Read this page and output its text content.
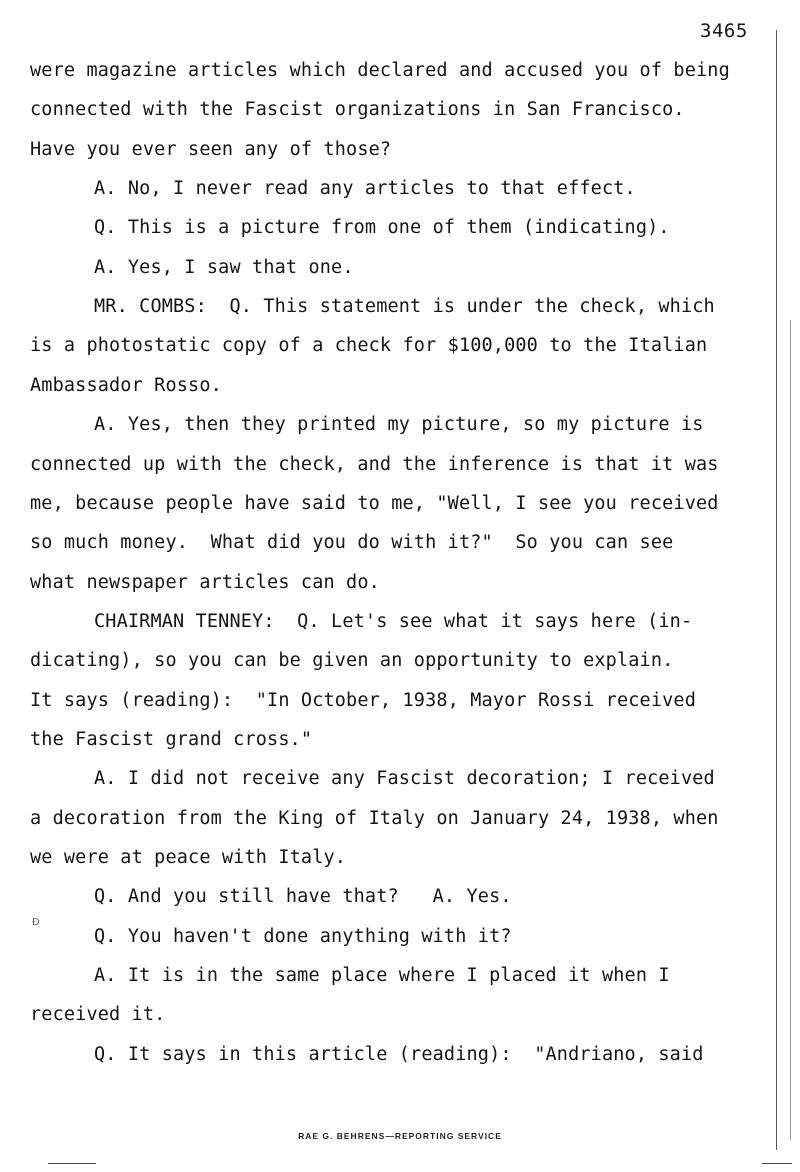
3465
were magazine articles which declared and accused you of being
connected with the Fascist organizations in San Francisco.
Have you ever seen any of those?
A. No, I never read any articles to that effect.
Q. This is a picture from one of them (indicating).
A. Yes, I saw that one.
MR. COMBS:  Q. This statement is under the check, which
is a photostatic copy of a check for $100,000 to the Italian
Ambassador Rosso.
A. Yes, then they printed my picture, so my picture is
connected up with the check, and the inference is that it was
me, because people have said to me, "Well, I see you received
so much money.  What did you do with it?"  So you can see
what newspaper articles can do.
CHAIRMAN TENNEY:  Q. Let's see what it says here (in-
dicating), so you can be given an opportunity to explain.
It says (reading):  "In October, 1938, Mayor Rossi received
the Fascist grand cross."
A. I did not receive any Fascist decoration; I received
a decoration from the King of Italy on January 24, 1938, when
we were at peace with Italy.
Q. And you still have that?   A. Yes.
Q. You haven't done anything with it?
A. It is in the same place where I placed it when I
received it.
Q. It says in this article (reading):  "Andriano, said
RAE G. BEHRENS—REPORTING SERVICE
Ð
